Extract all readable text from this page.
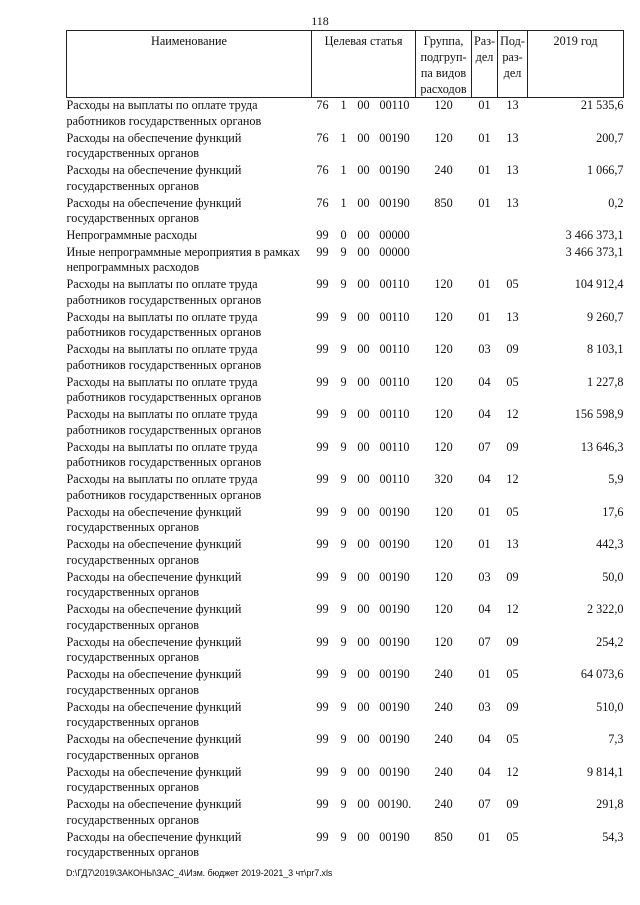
118
Наименование	Целевая статья				Группа, подгруп-па видов расходов	Раз-дел	Под-раз-дел	2019 год
Расходы на выплаты по оплате труда работников государственных органов	76	1	00	00110	120	01	13	21 535,6
Расходы на обеспечение функций государственных органов	76	1	00	00190	120	01	13	200,7
Расходы на обеспечение функций государственных органов	76	1	00	00190	240	01	13	1 066,7
Расходы на обеспечение функций государственных органов	76	1	00	00190	850	01	13	0,2
Непрограммные расходы	99	0	00	00000				3 466 373,1
Иные непрограммные мероприятия в рамках непрограммных расходов	99	9	00	00000				3 466 373,1
Расходы на выплаты по оплате труда работников государственных органов	99	9	00	00110	120	01	05	104 912,4
Расходы на выплаты по оплате труда работников государственных органов	99	9	00	00110	120	01	13	9 260,7
Расходы на выплаты по оплате труда работников государственных органов	99	9	00	00110	120	03	09	8 103,1
Расходы на выплаты по оплате труда работников государственных органов	99	9	00	00110	120	04	05	1 227,8
Расходы на выплаты по оплате труда работников государственных органов	99	9	00	00110	120	04	12	156 598,9
Расходы на выплаты по оплате труда работников государственных органов	99	9	00	00110	120	07	09	13 646,3
Расходы на выплаты по оплате труда работников государственных органов	99	9	00	00110	320	04	12	5,9
Расходы на обеспечение функций государственных органов	99	9	00	00190	120	01	05	17,6
Расходы на обеспечение функций государственных органов	99	9	00	00190	120	01	13	442,3
Расходы на обеспечение функций государственных органов	99	9	00	00190	120	03	09	50,0
Расходы на обеспечение функций государственных органов	99	9	00	00190	120	04	12	2 322,0
Расходы на обеспечение функций государственных органов	99	9	00	00190	120	07	09	254,2
Расходы на обеспечение функций государственных органов	99	9	00	00190	240	01	05	64 073,6
Расходы на обеспечение функций государственных органов	99	9	00	00190	240	03	09	510,0
Расходы на обеспечение функций государственных органов	99	9	00	00190	240	04	05	7,3
Расходы на обеспечение функций государственных органов	99	9	00	00190	240	04	12	9 814,1
Расходы на обеспечение функций государственных органов	99	9	00	00190.	240	07	09	291,8
Расходы на обеспечение функций государственных органов	99	9	00	00190	850	01	05	54,3
D:\ГД7\2019\ЗАКОНЫ\ЗАС_4\Изм. бюджет 2019-2021_3 чт\pr7.xls
